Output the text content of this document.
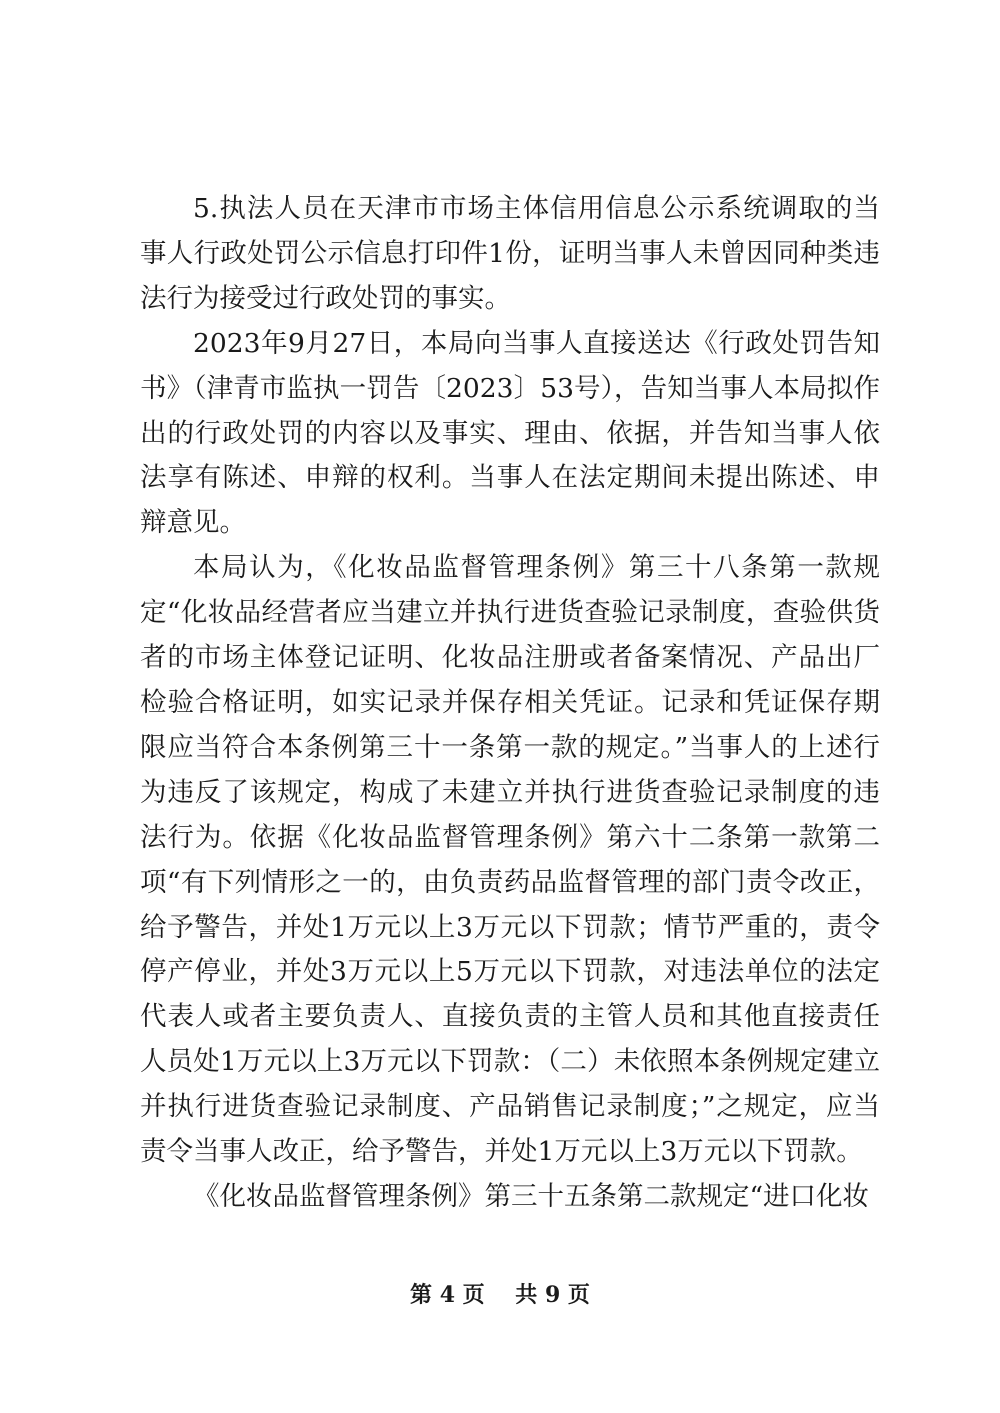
5.执法人员在天津市市场主体信用信息公示系统调取的当事人行政处罚公示信息打印件1份，证明当事人未曾因同种类违法行为接受过行政处罚的事实。

2023年9月27日，本局向当事人直接送达《行政处罚告知书》（津青市监执一罚告〔2023〕53号），告知当事人本局拟作出的行政处罚的内容以及事实、理由、依据，并告知当事人依法享有陈述、申辩的权利。当事人在法定期间未提出陈述、申辩意见。

本局认为，《化妆品监督管理条例》第三十八条第一款规定“化妆品经营者应当建立并执行进货查验记录制度，查验供货者的市场主体登记证明、化妆品注册或者备案情况、产品出厂检验合格证明，如实记录并保存相关凭证。记录和凭证保存期限应当符合本条例第三十一条第一款的规定。”当事人的上述行为违反了该规定，构成了未建立并执行进货查验记录制度的违法行为。依据《化妆品监督管理条例》第六十二条第一款第二项“有下列情形之一的，由负责药品监督管理的部门责令改正，给予警告，并处1万元以上3万元以下罚款；情节严重的，责令停产停业，并处3万元以上5万元以下罚款，对违法单位的法定代表人或者主要负责人、直接负责的主管人员和其他直接责任人员处1万元以上3万元以下罚款：（二）未依照本条例规定建立并执行进货查验记录制度、产品销售记录制度；”之规定，应当责令当事人改正，给予警告，并处1万元以上3万元以下罚款。

《化妆品监督管理条例》第三十五条第二款规定“进口化妆

第 4 页    共 9 页
